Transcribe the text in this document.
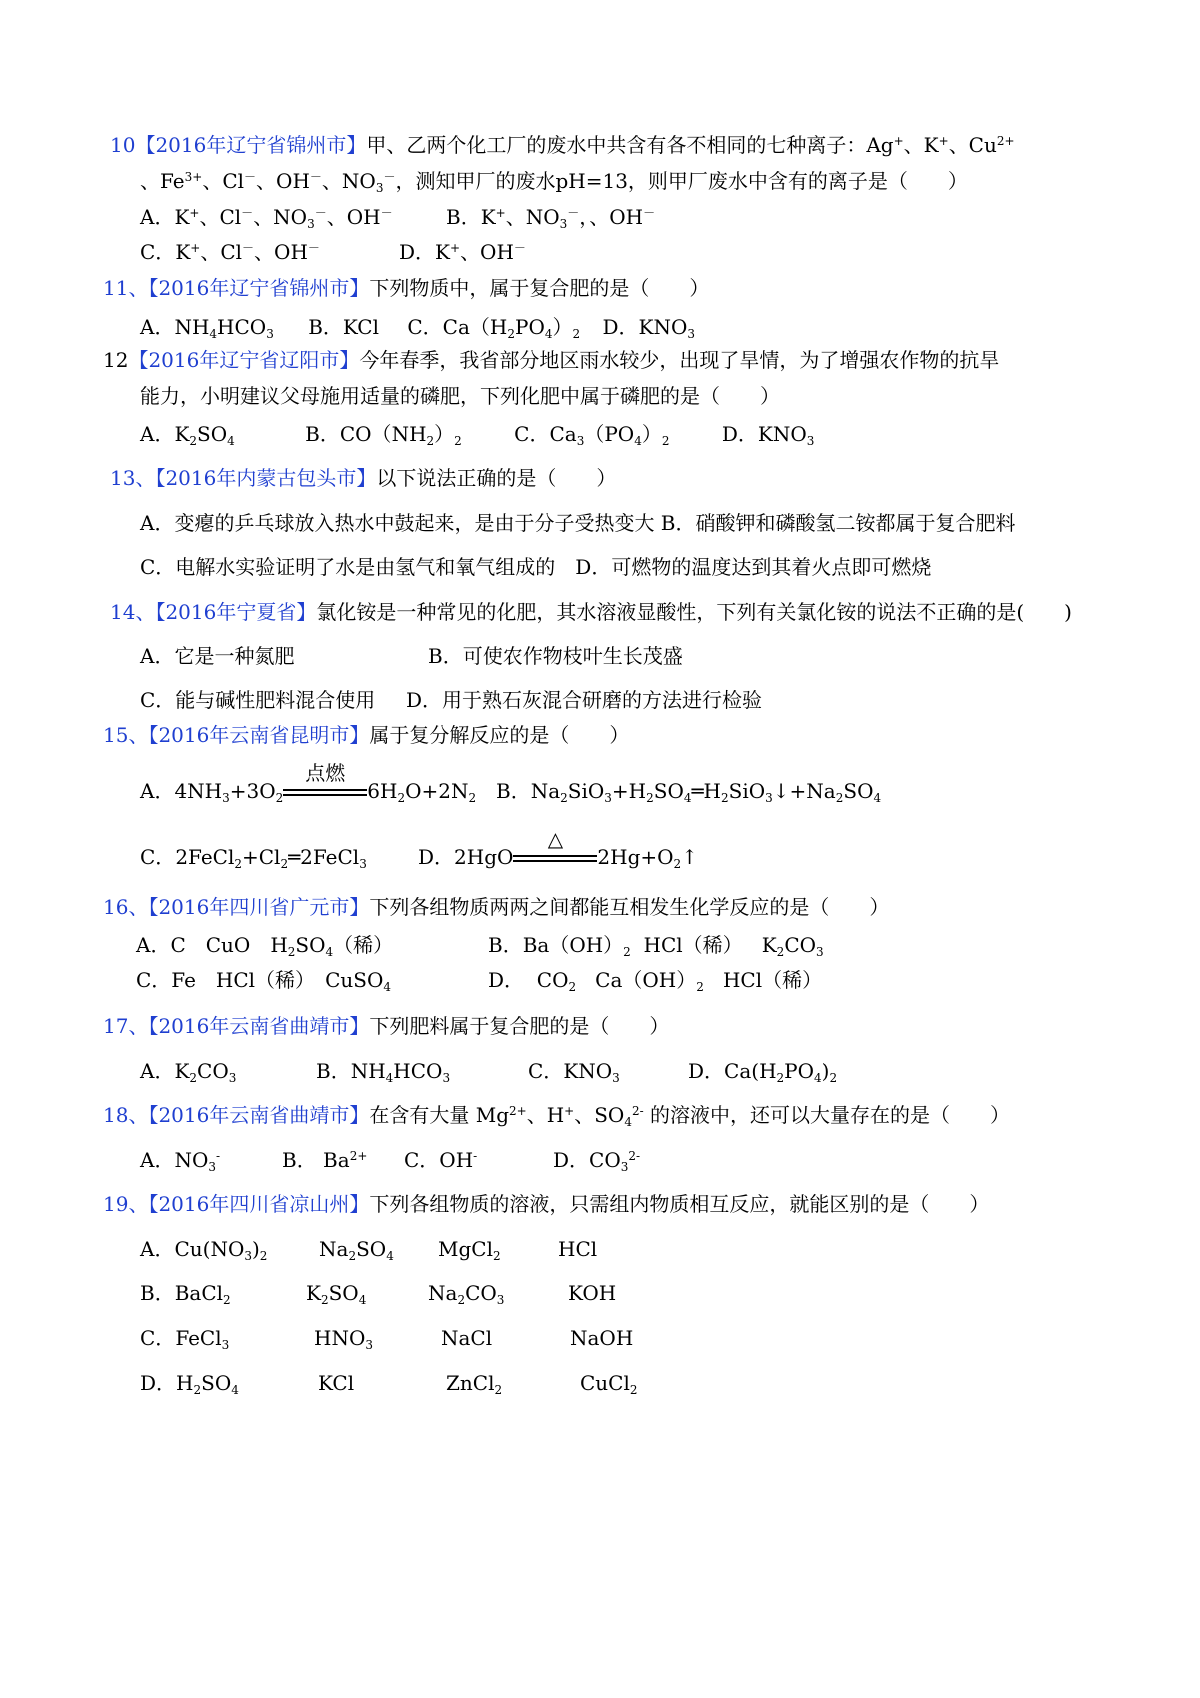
10【2016年辽宁省锦州市】甲、乙两个化工厂的废水中共含有各不相同的七种离子：Ag+、K+、$Cu^{2+}$
、$Fe^{3+}$、Cl－、OH－、$NO_3^-$，测知甲厂的废水pH=13，则甲厂废水中含有的离子是（　　）
A．K+、Cl－、$NO_3^-$、OH－	B．K+、$NO_3^-$，、OH－
C．K+、Cl－、OH－	D．K+、OH－
11、【2016年辽宁省锦州市】下列物质中，属于复合肥的是（　　）
A．$NH_4HCO_3$ B．KCl C．$Ca(H_2PO_4)_2$ D．$KNO_3$
12【2016年辽宁省辽阳市】今年春季，我省部分地区雨水较少，出现了旱情，为了增强农作物的抗旱
能力，小明建议父母施用适量的磷肥，下列化肥中属于磷肥的是（　　）
A．$K_2SO_4$	B．$CO(NH_2)_2$	C．$Ca_3(PO_4)_2$	D．$KNO_3$
13、【2016年内蒙古包头市】以下说法正确的是（　　）
A．变瘪的乒乓球放入热水中鼓起来，是由于分子受热变大 B．硝酸钾和磷酸氢二铵都属于复合肥料
C．电解水实验证明了水是由氢气和氧气组成的　D．可燃物的温度达到其着火点即可燃烧
14、【2016年宁夏省】氯化铵是一种常见的化肥，其水溶液显酸性，下列有关氯化铵的说法不正确的是(　　)
A．它是一种氮肥	B．可使农作物枝叶生长茂盛
C．能与碱性肥料混合使用 D．用于熟石灰混合研磨的方法进行检验
15、【2016年云南省昆明市】属于复分解反应的是（　　）
A．$4NH_3+3O_2$
点燃
$6H_2O+2N_2$ B．$Na_2SiO_3+H_2SO_4═H_2SiO_3↓+Na_2SO_4$
C．$2FeCl_2+Cl_2═2FeCl_3$	D．2HgO
△
$2Hg+O_2↑$
16、【2016年四川省广元市】下列各组物质两两之间都能互相发生化学反应的是（　　）
A．C　CuO　$H_2SO_4$（稀）	B．$Ba(OH)_2$  HCl（稀）   $K_2CO_3$
C．Fe　HCl（稀）　CuSO$_4$	D．  $CO_2$   $Ca(OH)_2$   HCl（稀）
17、【2016年云南省曲靖市】下列肥料属于复合肥的是（　　）
A．$K_2CO_3$	B．$NH_4HCO_3$	C．$KNO_3$	D．$Ca(H_2PO_4)_2$
18、【2016年云南省曲靖市】在含有大量 $Mg^{2+}$、H+、$SO_4^{2-}$ 的溶液中，还可以大量存在的是（　　）
A．$NO_3^-$	B． $Ba^{2+}$ C．OH-	D．$CO_3^{2-}$
19、【2016年四川省凉山州】下列各组物质的溶液，只需组内物质相互反应，就能区别的是（　　）
A．$Cu(NO_3)_2$	$Na_2SO_4$ MgCl$_2$	HCl
B．BaCl$_2$	$K_2SO_4$	$Na_2CO_3$	KOH
C．FeCl$_3$	$HNO_3$	NaCl	NaOH
D．$H_2SO_4$	KCl	ZnCl$_2$	CuCl$_2$
